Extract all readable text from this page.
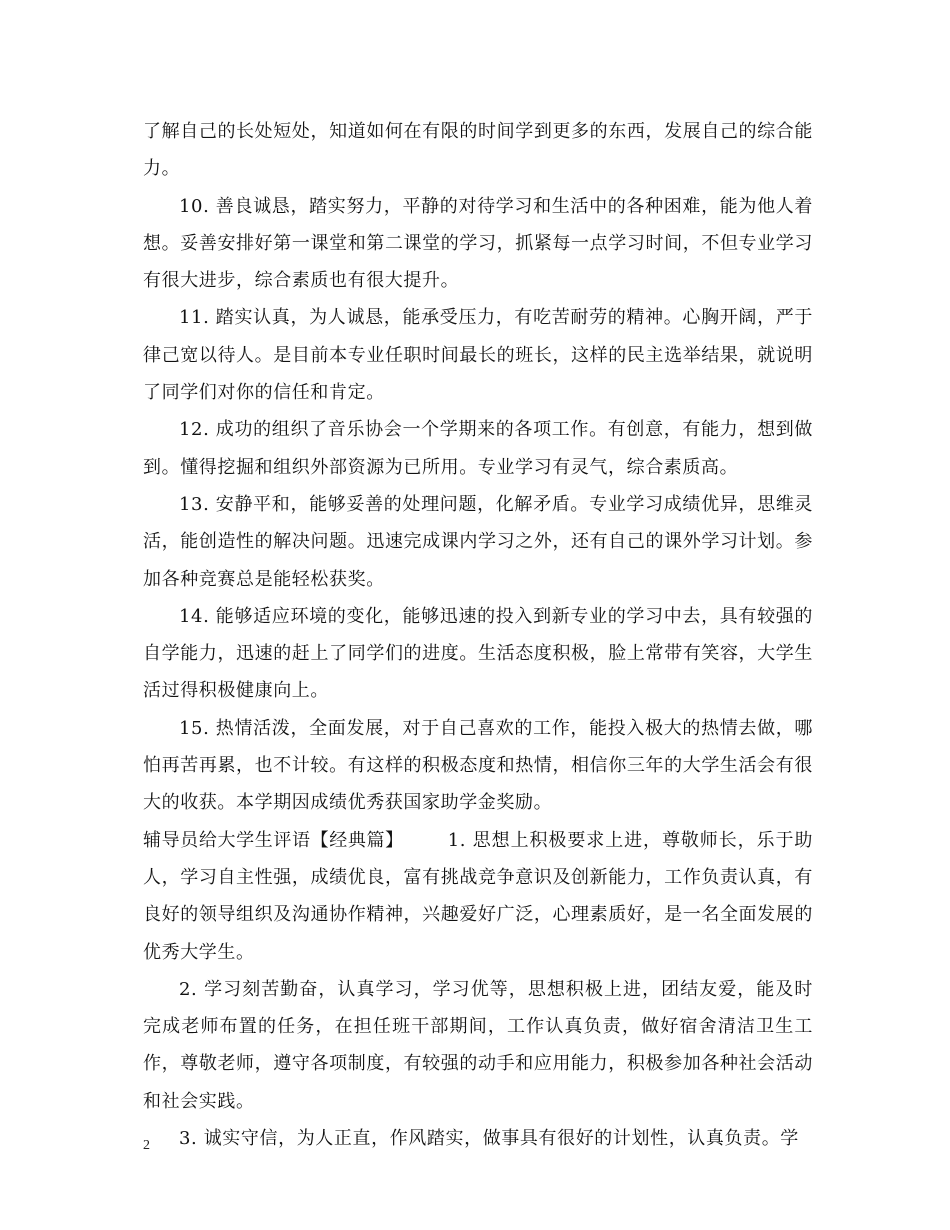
了解自己的长处短处，知道如何在有限的时间学到更多的东西，发展自己的综合能力。

10. 善良诚恳，踏实努力，平静的对待学习和生活中的各种困难，能为他人着想。妥善安排好第一课堂和第二课堂的学习，抓紧每一点学习时间，不但专业学习有很大进步，综合素质也有很大提升。

11. 踏实认真，为人诚恳，能承受压力，有吃苦耐劳的精神。心胸开阔，严于律己宽以待人。是目前本专业任职时间最长的班长，这样的民主选举结果，就说明了同学们对你的信任和肯定。

12. 成功的组织了音乐协会一个学期来的各项工作。有创意，有能力，想到做到。懂得挖掘和组织外部资源为已所用。专业学习有灵气，综合素质高。

13. 安静平和，能够妥善的处理问题，化解矛盾。专业学习成绩优异，思维灵活，能创造性的解决问题。迅速完成课内学习之外，还有自己的课外学习计划。参加各种竞赛总是能轻松获奖。

14. 能够适应环境的变化，能够迅速的投入到新专业的学习中去，具有较强的自学能力，迅速的赶上了同学们的进度。生活态度积极，脸上常带有笑容，大学生活过得积极健康向上。

15. 热情活泼，全面发展，对于自己喜欢的工作，能投入极大的热情去做，哪怕再苦再累，也不计较。有这样的积极态度和热情，相信你三年的大学生活会有很大的收获。本学期因成绩优秀获国家助学金奖励。

辅导员给大学生评语【经典篇】 1. 思想上积极要求上进，尊敬师长，乐于助人，学习自主性强，成绩优良，富有挑战竞争意识及创新能力，工作负责认真，有良好的领导组织及沟通协作精神，兴趣爱好广泛，心理素质好，是一名全面发展的优秀大学生。

2. 学习刻苦勤奋，认真学习，学习优等，思想积极上进，团结友爱，能及时完成老师布置的任务，在担任班干部期间，工作认真负责，做好宿舍清洁卫生工作，尊敬老师，遵守各项制度，有较强的动手和应用能力，积极参加各种社会活动和社会实践。

3. 诚实守信，为人正直，作风踏实，做事具有很好的计划性，认真负责。学

2
